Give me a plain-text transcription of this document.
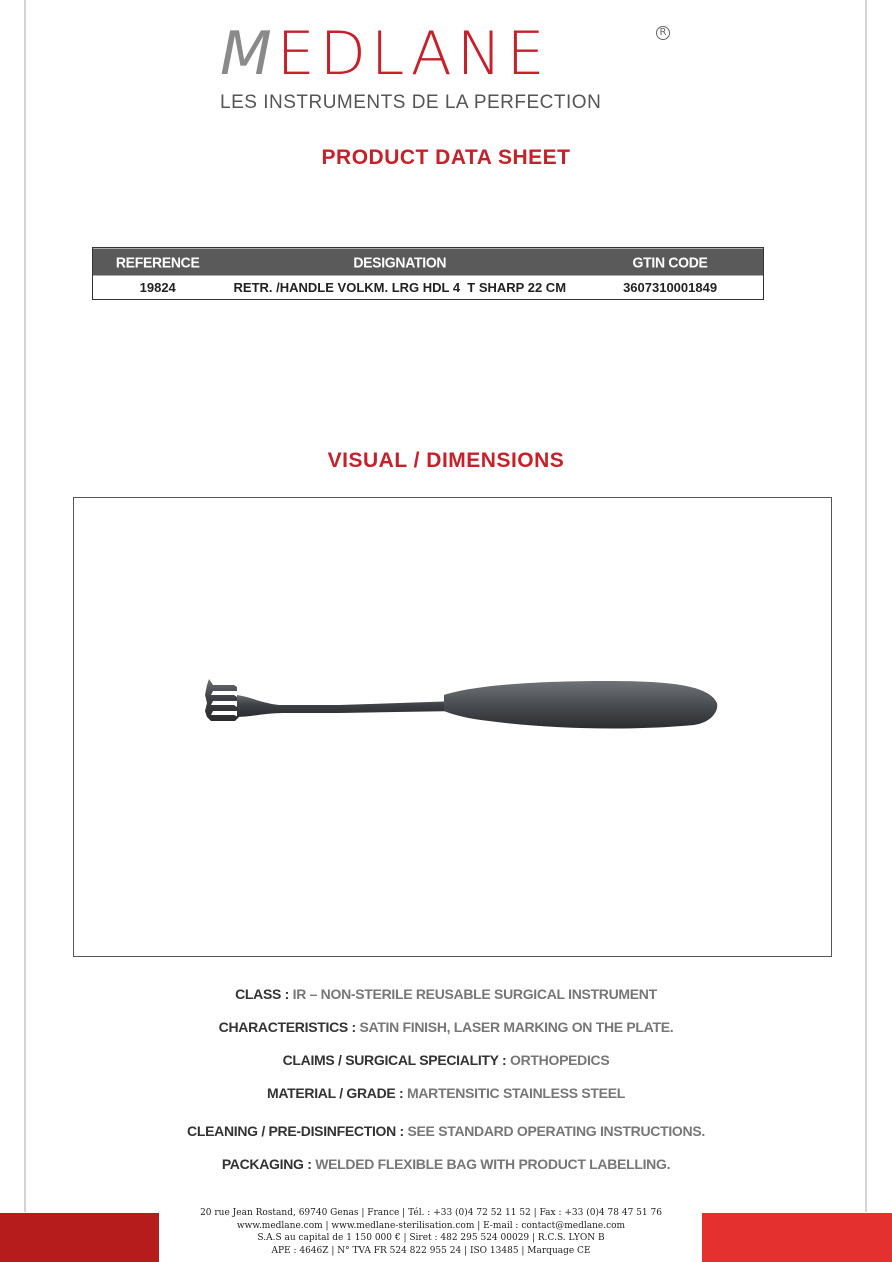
M EDLANE	R
LES INSTRUMENTS DE LA PERFECTION
PRODUCT DATA SHEET
REFERENCE	DESIGNATION	GTIN CODE
19824	RETR. /HANDLE VOLKM. LRG HDL 4  T SHARP 22 CM	3607310001849
VISUAL / DIMENSIONS
CLASS : IR – NON-STERILE REUSABLE SURGICAL INSTRUMENT
CHARACTERISTICS : SATIN FINISH, LASER MARKING ON THE PLATE.
CLAIMS / SURGICAL SPECIALITY : ORTHOPEDICS
MATERIAL / GRADE : MARTENSITIC STAINLESS STEEL
CLEANING / PRE-DISINFECTION : SEE STANDARD OPERATING INSTRUCTIONS.
PACKAGING : WELDED FLEXIBLE BAG WITH PRODUCT LABELLING.
20 rue Jean Rostand, 69740 Genas | France | Tél. : +33 (0)4 72 52 11 52 | Fax : +33 (0)4 78 47 51 76
www.medlane.com | www.medlane-sterilisation.com | E-mail : contact@medlane.com
S.A.S au capital de 1 150 000 € | Siret : 482 295 524 00029 | R.C.S. LYON B
APE : 4646Z | N° TVA FR 524 822 955 24 | ISO 13485 | Marquage CE
